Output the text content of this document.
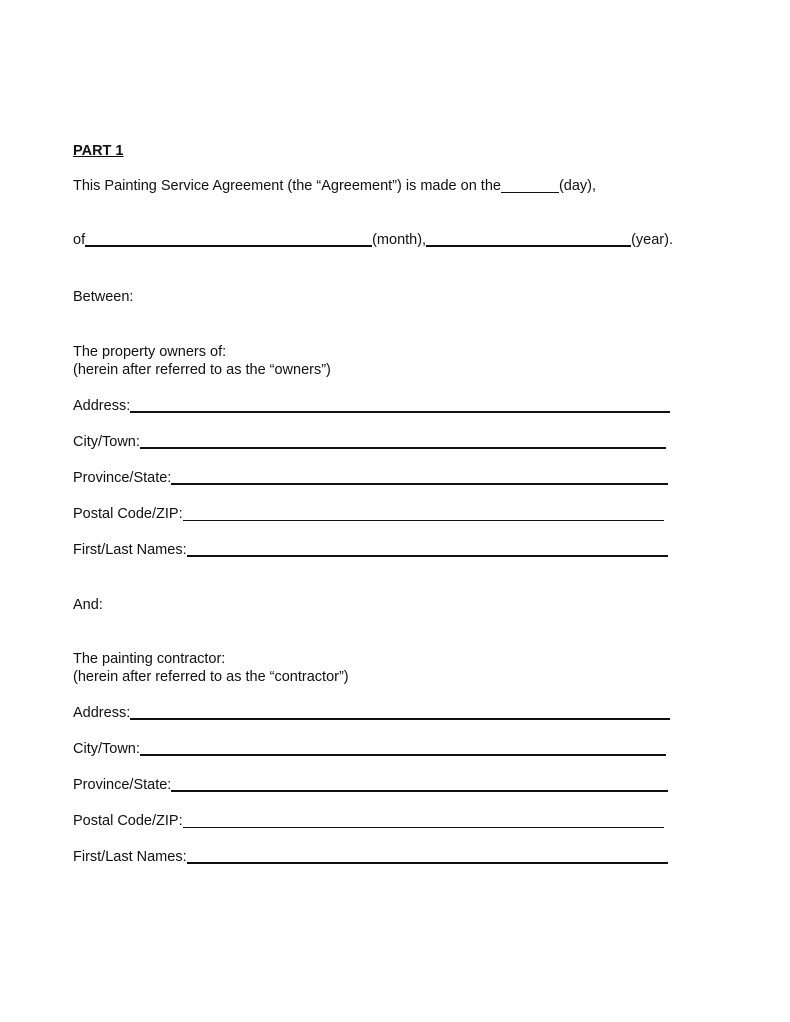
PART 1
This Painting Service Agreement (the “Agreement”) is made on the	(day),
of	(month),	(year).
Between:
The property owners of:
(herein after referred to as the “owners”)
Address:
City/Town:
Province/State:
Postal Code/ZIP:
First/Last Names:
And:
The painting contractor:
(herein after referred to as the “contractor”)
Address:
City/Town:
Province/State:
Postal Code/ZIP:
First/Last Names:
